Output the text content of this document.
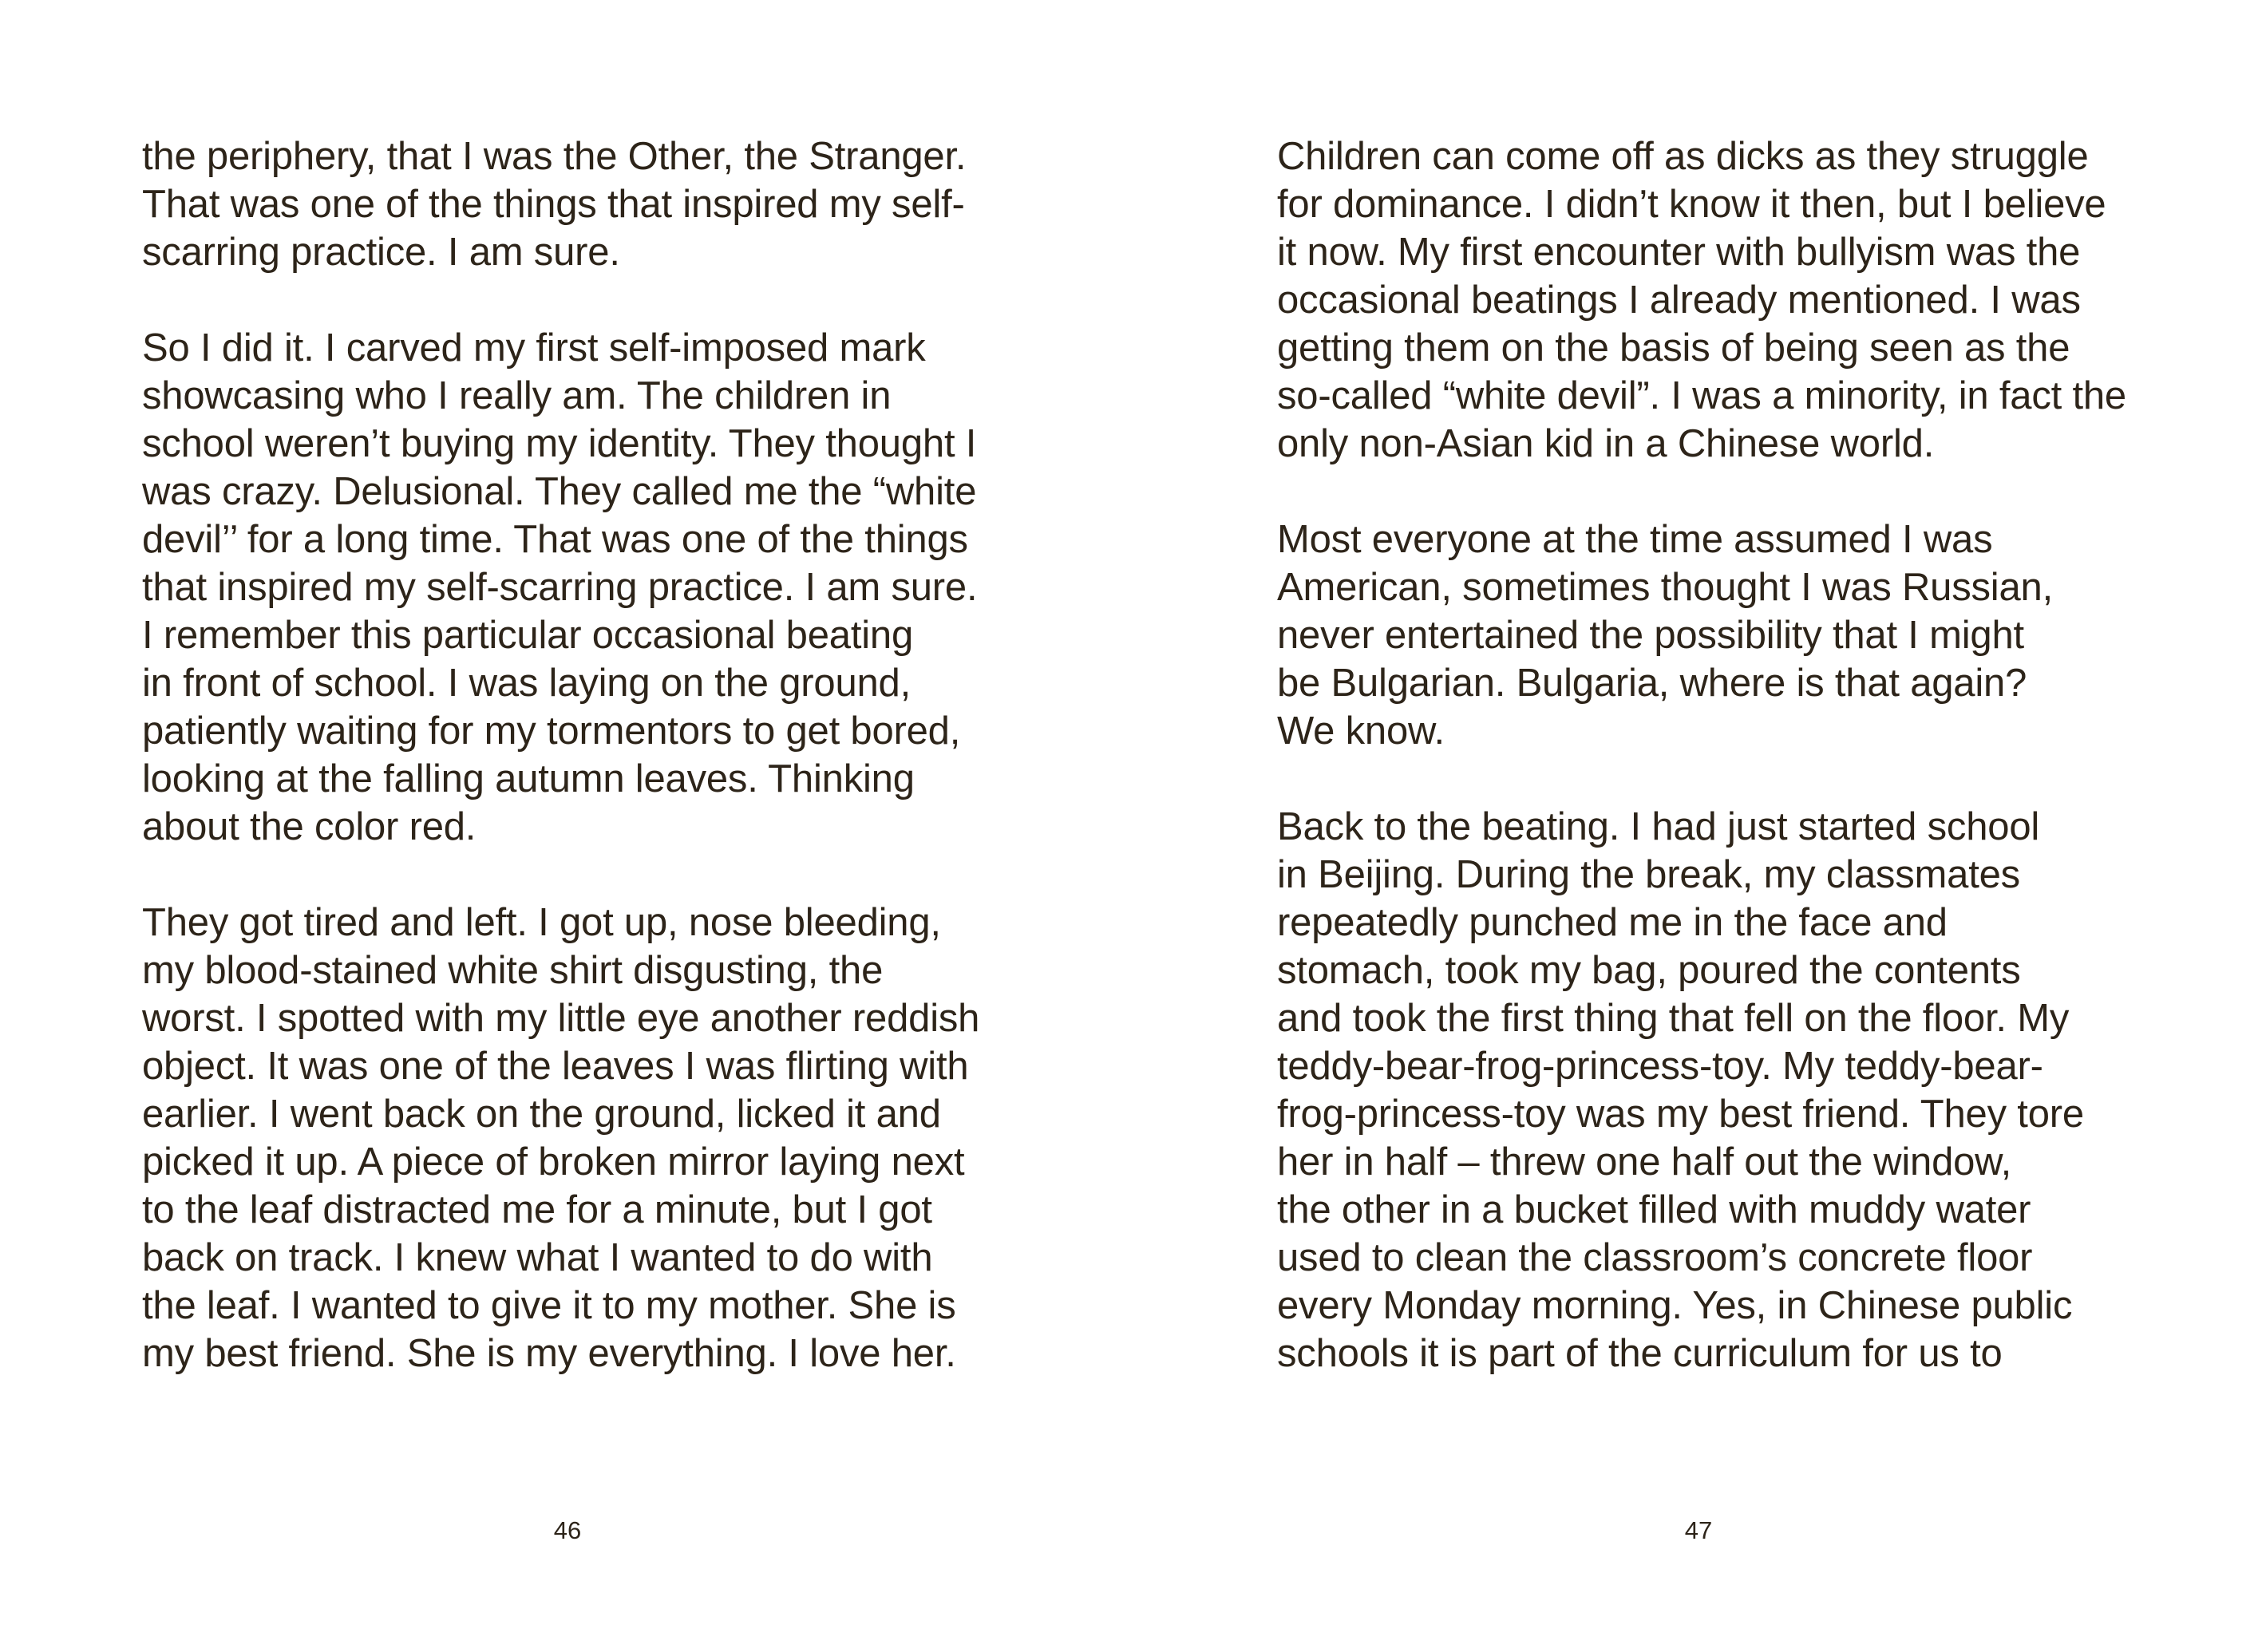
the periphery, that I was the Other, the Stranger.
That was one of the things that inspired my self-
scarring practice. I am sure.
So I did it. I carved my first self-imposed mark
showcasing who I really am. The children in
school weren’t buying my identity. They thought I
was crazy. Delusional. They called me the “white
devil’’ for a long time. That was one of the things
that inspired my self-scarring practice. I am sure.
I remember this particular occasional beating
in front of school. I was laying on the ground,
patiently waiting for my tormentors to get bored,
looking at the falling autumn leaves. Thinking
about the color red.
They got tired and left. I got up, nose bleeding,
my blood-stained white shirt disgusting, the
worst. I spotted with my little eye another reddish
object. It was one of the leaves I was flirting with
earlier. I went back on the ground, licked it and
picked it up. A piece of broken mirror laying next
to the leaf distracted me for a minute, but I got
back on track. I knew what I wanted to do with
the leaf. I wanted to give it to my mother. She is
my best friend. She is my everything. I love her.
46
Children can come off as dicks as they struggle
for dominance. I didn’t know it then, but I believe
it now. My first encounter with bullyism was the
occasional beatings I already mentioned. I was
getting them on the basis of being seen as the
so-called “white devil”. I was a minority, in fact the
only non-Asian kid in a Chinese world.
Most everyone at the time assumed I was
American, sometimes thought I was Russian,
never entertained the possibility that I might
be Bulgarian. Bulgaria, where is that again?
We know.
Back to the beating. I had just started school
in Beijing. During the break, my classmates
repeatedly punched me in the face and
stomach, took my bag, poured the contents
and took the first thing that fell on the floor. My
teddy-bear-frog-princess-toy. My teddy-bear-
frog-princess-toy was my best friend. They tore
her in half – threw one half out the window,
the other in a bucket filled with muddy water
used to clean the classroom’s concrete floor
every Monday morning. Yes, in Chinese public
schools it is part of the curriculum for us to
47
